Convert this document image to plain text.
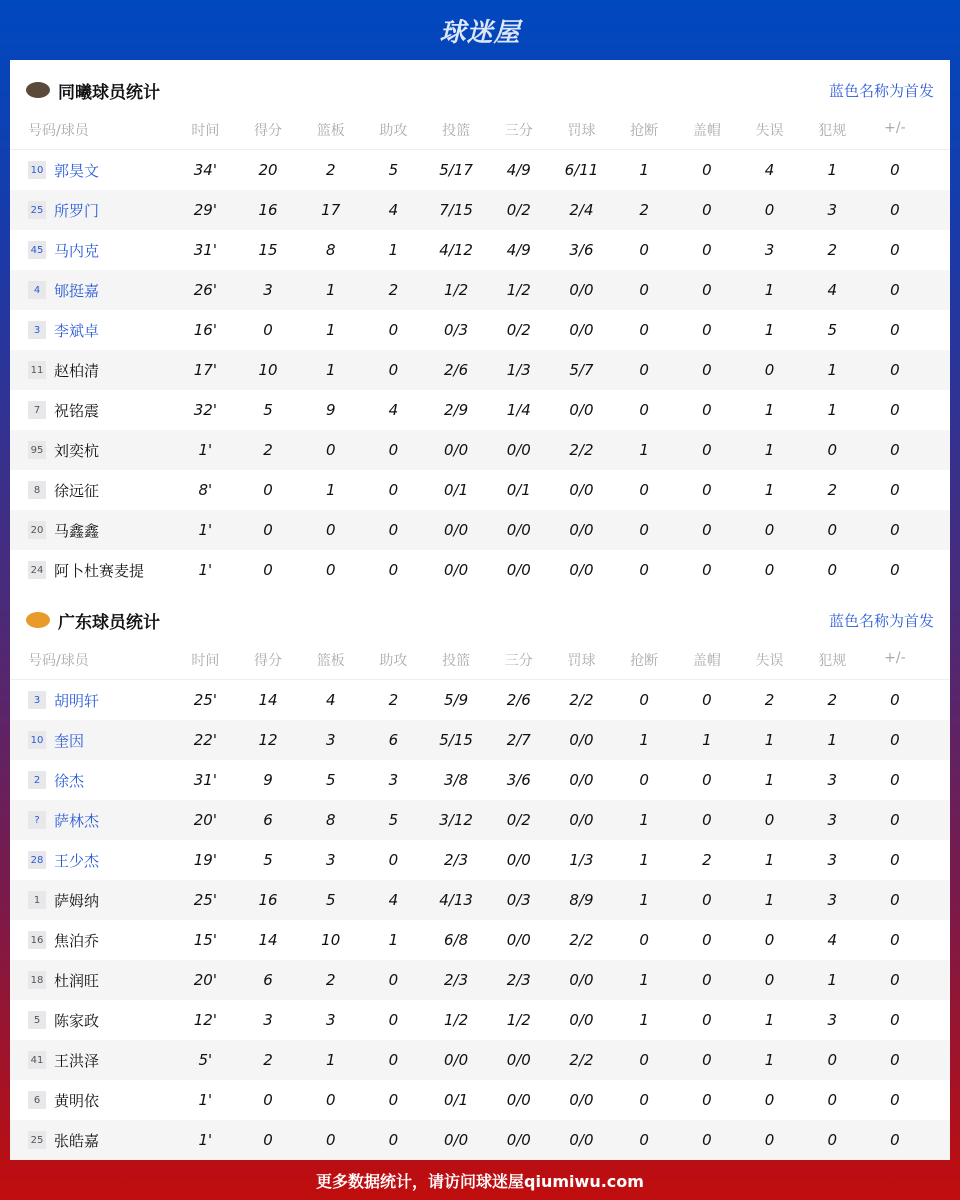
球迷屋
同曦球员统计	蓝色名称为首发
号码/球员	时间	得分	篮板	助攻	投篮	三分	罚球	抢断	盖帽	失误	犯规	+/-
10 郭昊文	34'	20	2	5	5/17	4/9	6/11	1	0	4	1	0
25 所罗门	29'	16	17	4	7/15	0/2	2/4	2	0	0	3	0
45 马内克	31'	15	8	1	4/12	4/9	3/6	0	0	3	2	0
4 郇挺嘉	26'	3	1	2	1/2	1/2	0/0	0	0	1	4	0
3 李斌卓	16'	0	1	0	0/3	0/2	0/0	0	0	1	5	0
11 赵柏清	17'	10	1	0	2/6	1/3	5/7	0	0	0	1	0
7 祝铭震	32'	5	9	4	2/9	1/4	0/0	0	0	1	1	0
95 刘奕杭	1'	2	0	0	0/0	0/0	2/2	1	0	1	0	0
8 徐远征	8'	0	1	0	0/1	0/1	0/0	0	0	1	2	0
20 马鑫鑫	1'	0	0	0	0/0	0/0	0/0	0	0	0	0	0
24 阿卜杜赛麦提	1'	0	0	0	0/0	0/0	0/0	0	0	0	0	0
广东球员统计	蓝色名称为首发
号码/球员	时间	得分	篮板	助攻	投篮	三分	罚球	抢断	盖帽	失误	犯规	+/-
3 胡明轩	25'	14	4	2	5/9	2/6	2/2	0	0	2	2	0
10 奎因	22'	12	3	6	5/15	2/7	0/0	1	1	1	1	0
2 徐杰	31'	9	5	3	3/8	3/6	0/0	0	0	1	3	0
? 萨林杰	20'	6	8	5	3/12	0/2	0/0	1	0	0	3	0
28 王少杰	19'	5	3	0	2/3	0/0	1/3	1	2	1	3	0
1 萨姆纳	25'	16	5	4	4/13	0/3	8/9	1	0	1	3	0
16 焦泊乔	15'	14	10	1	6/8	0/0	2/2	0	0	0	4	0
18 杜润旺	20'	6	2	0	2/3	2/3	0/0	1	0	0	1	0
5 陈家政	12'	3	3	0	1/2	1/2	0/0	1	0	1	3	0
41 王洪泽	5'	2	1	0	0/0	0/0	2/2	0	0	1	0	0
6 黄明依	1'	0	0	0	0/1	0/0	0/0	0	0	0	0	0
25 张皓嘉	1'	0	0	0	0/0	0/0	0/0	0	0	0	0	0
更多数据统计，请访问球迷屋qiumiwu.com
